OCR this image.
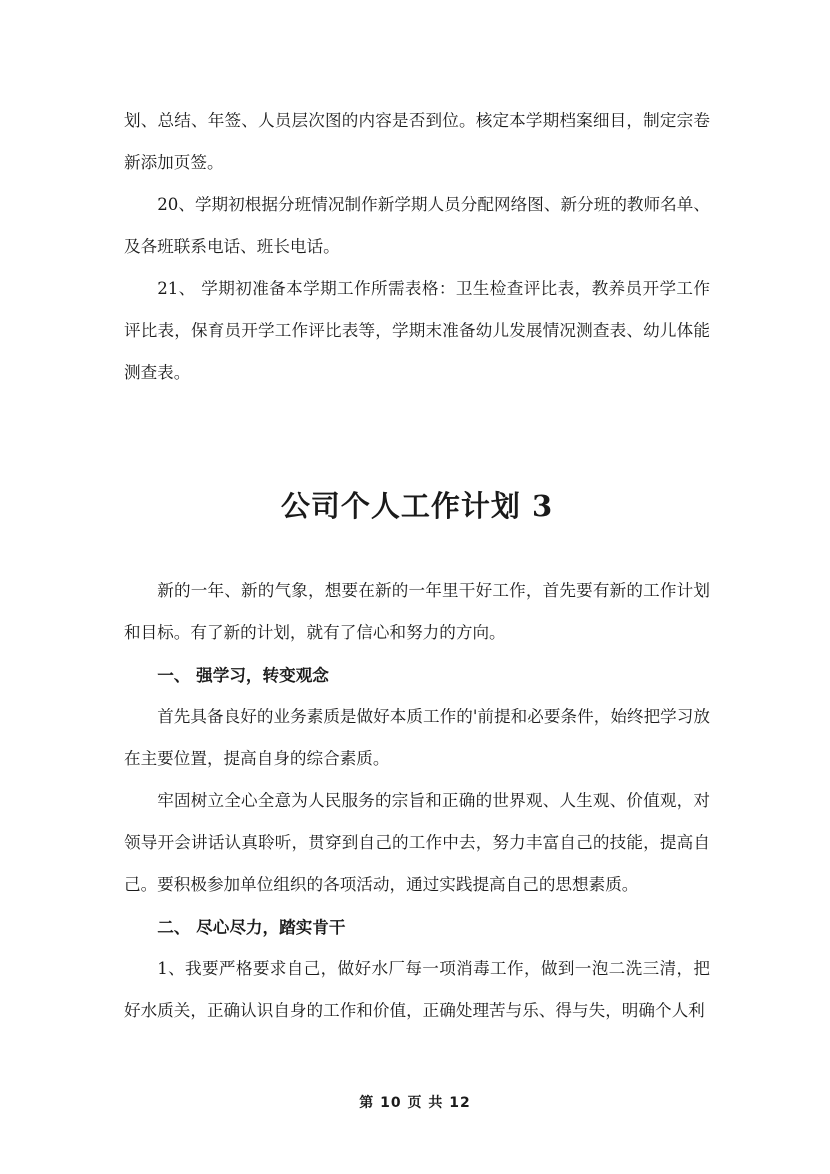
划、总结、年签、人员层次图的内容是否到位。核定本学期档案细目，制定宗卷新添加页签。

20、学期初根据分班情况制作新学期人员分配网络图、新分班的教师名单、及各班联系电话、班长电话。

21、 学期初准备本学期工作所需表格：卫生检查评比表，教养员开学工作评比表，保育员开学工作评比表等，学期末准备幼儿发展情况测查表、幼儿体能测查表。

公司个人工作计划 3

新的一年、新的气象，想要在新的一年里干好工作，首先要有新的工作计划和目标。有了新的计划，就有了信心和努力的方向。

一、 强学习，转变观念

首先具备良好的业务素质是做好本质工作的'前提和必要条件，始终把学习放在主要位置，提高自身的综合素质。

牢固树立全心全意为人民服务的宗旨和正确的世界观、人生观、价值观，对领导开会讲话认真聆听，贯穿到自己的工作中去，努力丰富自己的技能，提高自己。要积极参加单位组织的各项活动，通过实践提高自己的思想素质。

二、 尽心尽力，踏实肯干

1、我要严格要求自己，做好水厂每一项消毒工作，做到一泡二洗三清，把好水质关，正确认识自身的工作和价值，正确处理苦与乐、得与失，明确个人利

第 10 页 共 12
